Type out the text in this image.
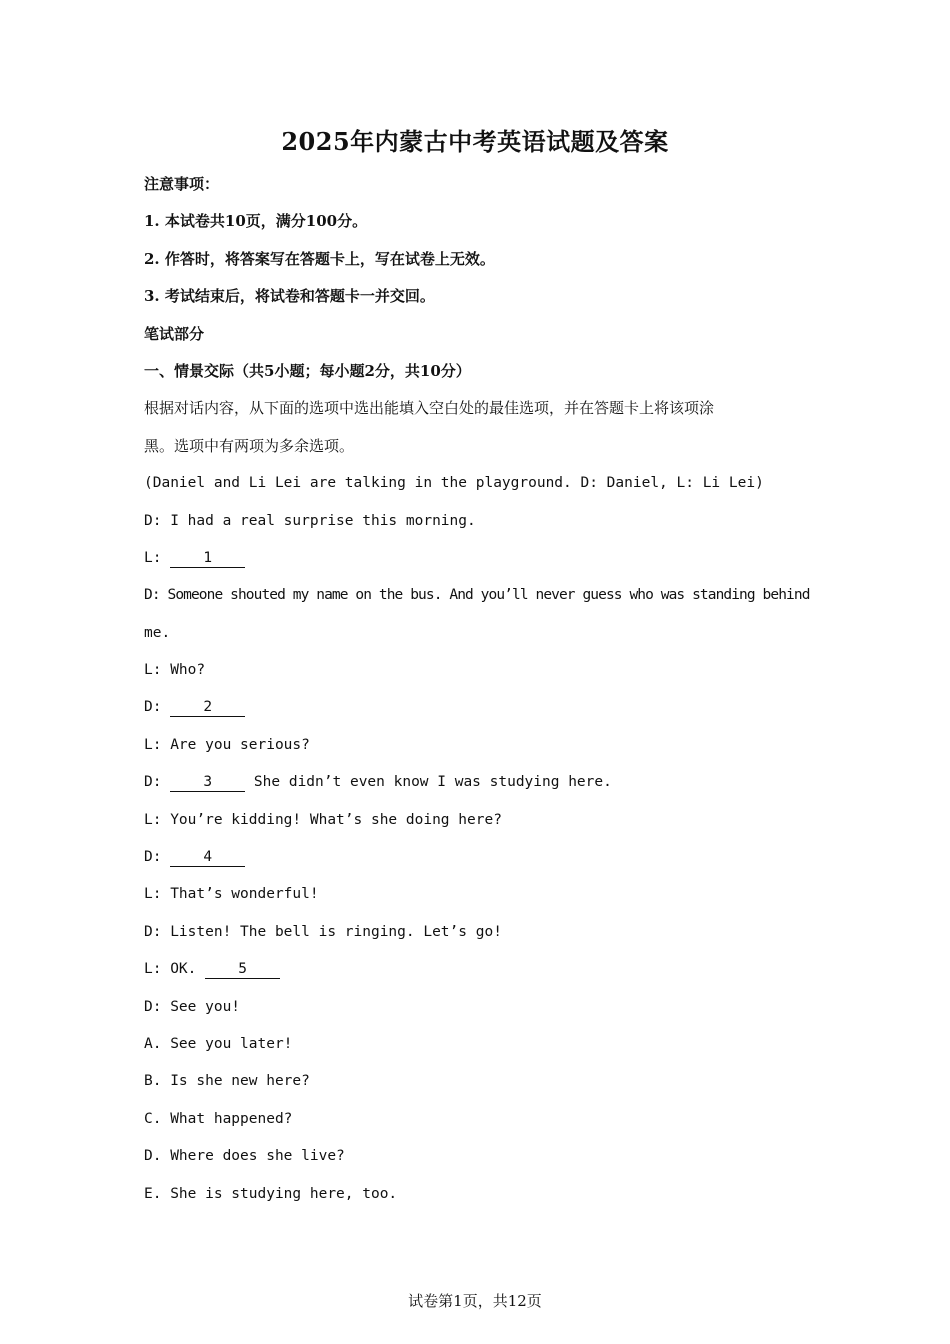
2025年内蒙古中考英语试题及答案
注意事项：
1. 本试卷共10页，满分100分。
2. 作答时，将答案写在答题卡上，写在试卷上无效。
3. 考试结束后，将试卷和答题卡一并交回。
笔试部分
一、情景交际（共5小题；每小题2分，共10分）
根据对话内容，从下面的选项中选出能填入空白处的最佳选项，并在答题卡上将该项涂
黑。选项中有两项为多余选项。
(Daniel and Li Lei are talking in the playground. D: Daniel, L: Li Lei)
D: I had a real surprise this morning.
L: 1
D: Someone shouted my name on the bus. And you’ll never guess who was standing behind
me.
L: Who?
D: 2
L: Are you serious?
D: 3 She didn’t even know I was studying here.
L: You’re kidding! What’s she doing here?
D: 4
L: That’s wonderful!
D: Listen! The bell is ringing. Let’s go!
L: OK. 5
D: See you!
A. See you later!
B. Is she new here?
C. What happened?
D. Where does she live?
E. She is studying here, too.
试卷第1页，共12页
